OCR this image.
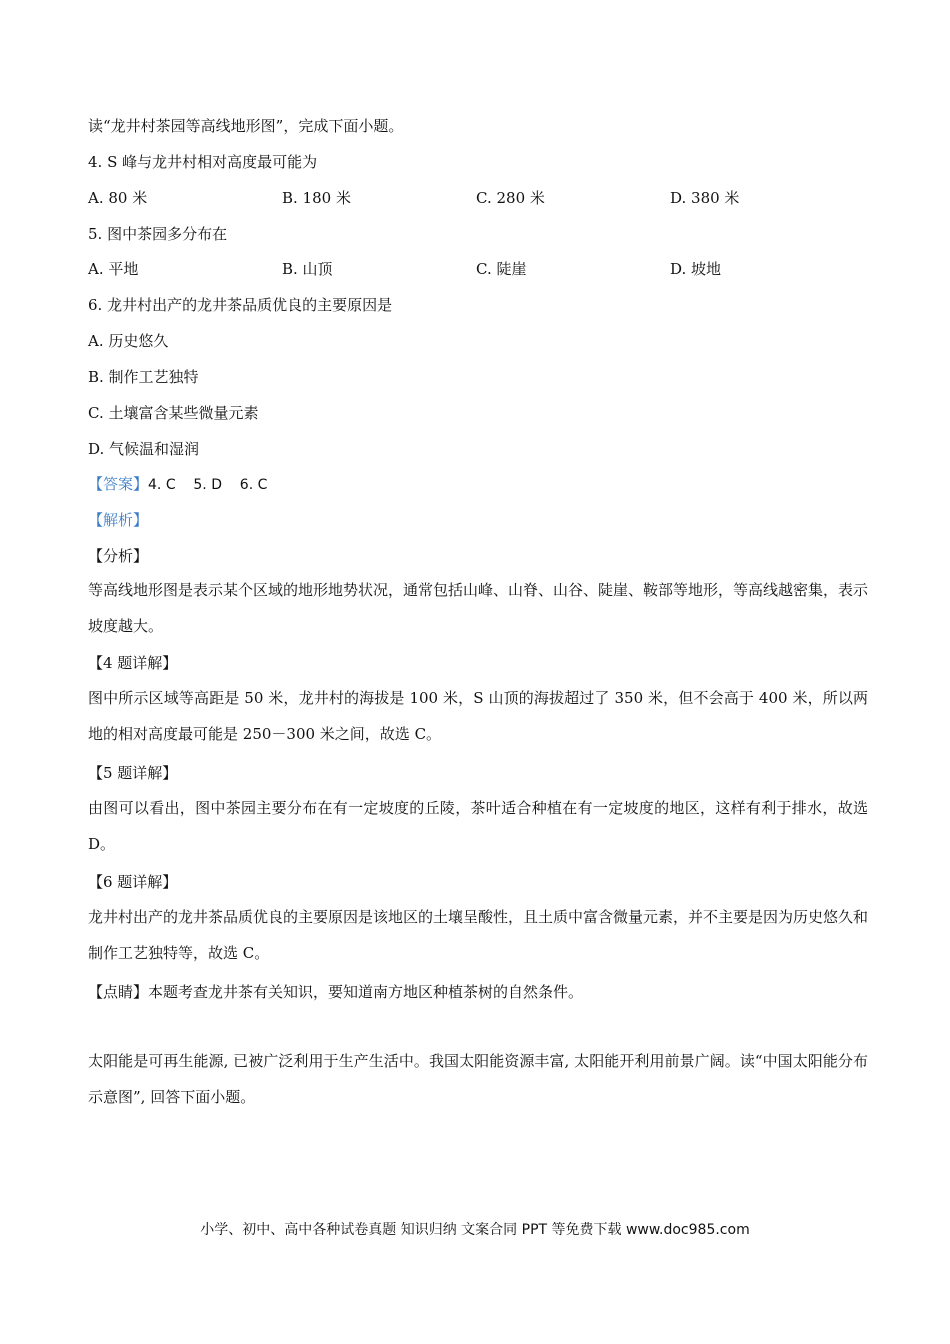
读“龙井村茶园等高线地形图”，完成下面小题。
4. S 峰与龙井村相对高度最可能为
A. 80 米	B. 180 米	C. 280 米	D. 380 米
5. 图中茶园多分布在
A. 平地	B. 山顶	C. 陡崖	D. 坡地
6. 龙井村出产的龙井茶品质优良的主要原因是
A. 历史悠久
B. 制作工艺独特
C. 土壤富含某些微量元素
D. 气候温和湿润
【答案】4. C    5. D    6. C
【解析】
【分析】
等高线地形图是表示某个区域的地形地势状况，通常包括山峰、山脊、山谷、陡崖、鞍部等地形，等高线越密集，表示坡度越大。
【4 题详解】
图中所示区域等高距是 50 米，龙井村的海拔是 100 米，S 山顶的海拔超过了 350 米，但不会高于 400 米，所以两地的相对高度最可能是 250－300 米之间，故选 C。
【5 题详解】
由图可以看出，图中茶园主要分布在有一定坡度的丘陵，茶叶适合种植在有一定坡度的地区，这样有利于排水，故选 D。
【6 题详解】
龙井村出产的龙井茶品质优良的主要原因是该地区的土壤呈酸性，且土质中富含微量元素，并不主要是因为历史悠久和制作工艺独特等，故选 C。
【点睛】本题考查龙井茶有关知识，要知道南方地区种植茶树的自然条件。
太阳能是可再生能源, 已被广泛利用于生产生活中。我国太阳能资源丰富, 太阳能开利用前景广阔。读“中国太阳能分布示意图”, 回答下面小题。
小学、初中、高中各种试卷真题 知识归纳 文案合同 PPT 等免费下载 www.doc985.com
